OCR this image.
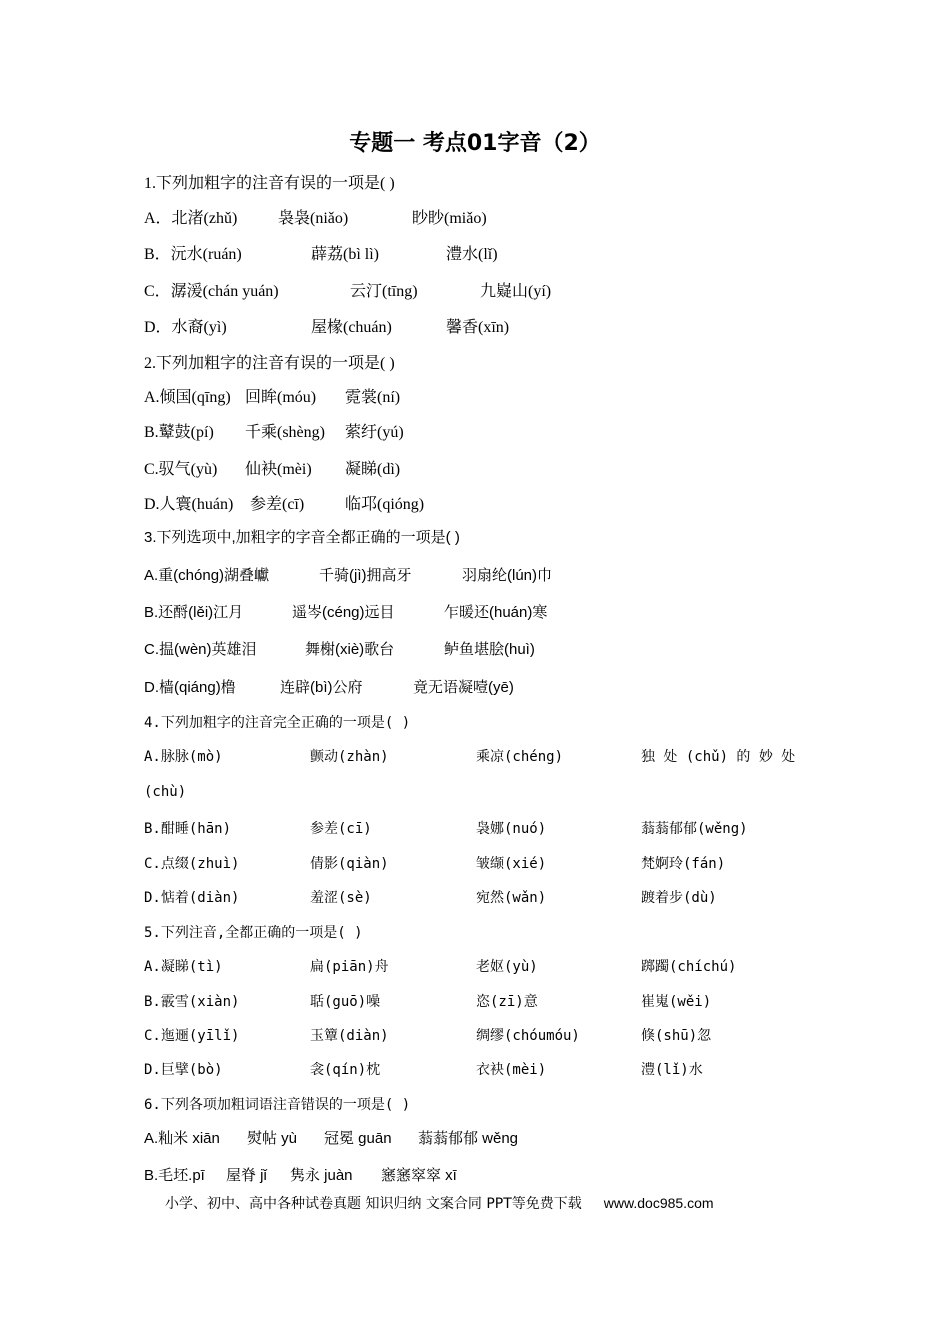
专题一 考点01字音（2）
1.下列加粗字的注音有误的一项是( )
A．北渚(zhǔ)	袅袅(niǎo)	眇眇(miǎo)
B．沅水(ruán)	薜荔(bì lì)	澧水(lǐ)
C．潺湲(chán yuán)	云汀(tīng)	九嶷山(yí)
D．水裔(yì)	屋椽(chuán)	馨香(xīn)
2.下列加粗字的注音有误的一项是( )
A.倾国(qīng) 回眸(móu) 霓裳(ní)
B.鼙鼓(pí) 千乘(shèng) 萦纡(yú)
C.驭气(yù) 仙袂(mèi) 凝睇(dì)
D.人寰(huán) 参差(cī)	临邛(qióng)
3.下列选项中,加粗字的字音全都正确的一项是( )
A.重(chóng)湖叠巘	千骑(jì)拥高牙	羽扇纶(lún)巾
B.还酹(lěi)江月	遥岑(céng)远目	乍暖还(huán)寒
C.揾(wèn)英雄泪	舞榭(xiè)歌台	鲈鱼堪脍(huì)
D.樯(qiáng)橹	连辟(bì)公府	竟无语凝噎(yē)
4.下列加粗字的注音完全正确的一项是( )
A.脉脉(mò)	颤动(zhàn)	乘凉(chéng)	独 处 (chǔ) 的 妙 处
(chù)
B.酣睡(hān)	参差(cī)	袅娜(nuó)	蓊蓊郁郁(wěng)
C.点缀(zhuì)	倩影(qiàn)	皱缬(xié)	梵婀玲(fán)
D.惦着(diàn)	羞涩(sè)	宛然(wǎn)	踱着步(dù)
5.下列注音,全都正确的一项是( )
A.凝睇(tì)	扁(piān)舟	老妪(yù)	踯躅(chíchú)
B.霰雪(xiàn)	聒(guō)噪	恣(zī)意	崔嵬(wěi)
C.迤逦(yīlǐ)	玉簟(diàn)	绸缪(chóumóu)	倏(shū)忽
D.巨擘(bò)	衾(qín)枕	衣袂(mèi)	澧(lǐ)水
6.下列各项加粗词语注音错误的一项是( )
A.籼米 xiān 熨帖 yù 冠冕 guān 蓊蓊郁郁 wěng
B.毛坯.pī 屋脊 jǐ 隽永 juàn 窸窸窣窣 xī
小学、初中、高中各种试卷真题 知识归纳 文案合同 PPT等免费下载 www.doc985.com
